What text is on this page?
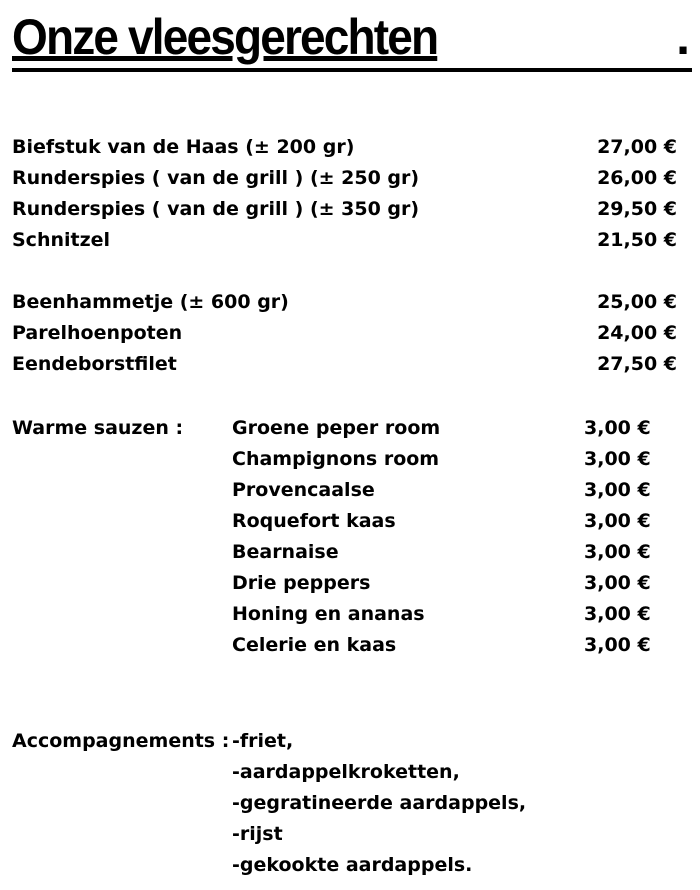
Onze vleesgerechten	.
Biefstuk van de Haas (± 200 gr)	27,00 €
Runderspies ( van de grill ) (± 250 gr)	26,00 €
Runderspies ( van de grill ) (± 350 gr)	29,50 €
Schnitzel	21,50 €
Beenhammetje (± 600 gr)	25,00 €
Parelhoenpoten	24,00 €
Eendeborstfilet	27,50 €
Warme sauzen :	Groene peper room	3,00 €
Champignons room	3,00 €
Provencaalse	3,00 €
Roquefort kaas	3,00 €
Bearnaise	3,00 €
Drie peppers	3,00 €
Honing en ananas	3,00 €
Celerie en kaas	3,00 €
Accompagnements : -friet,
-aardappelkroketten,
-gegratineerde aardappels,
-rijst
-gekookte aardappels.
